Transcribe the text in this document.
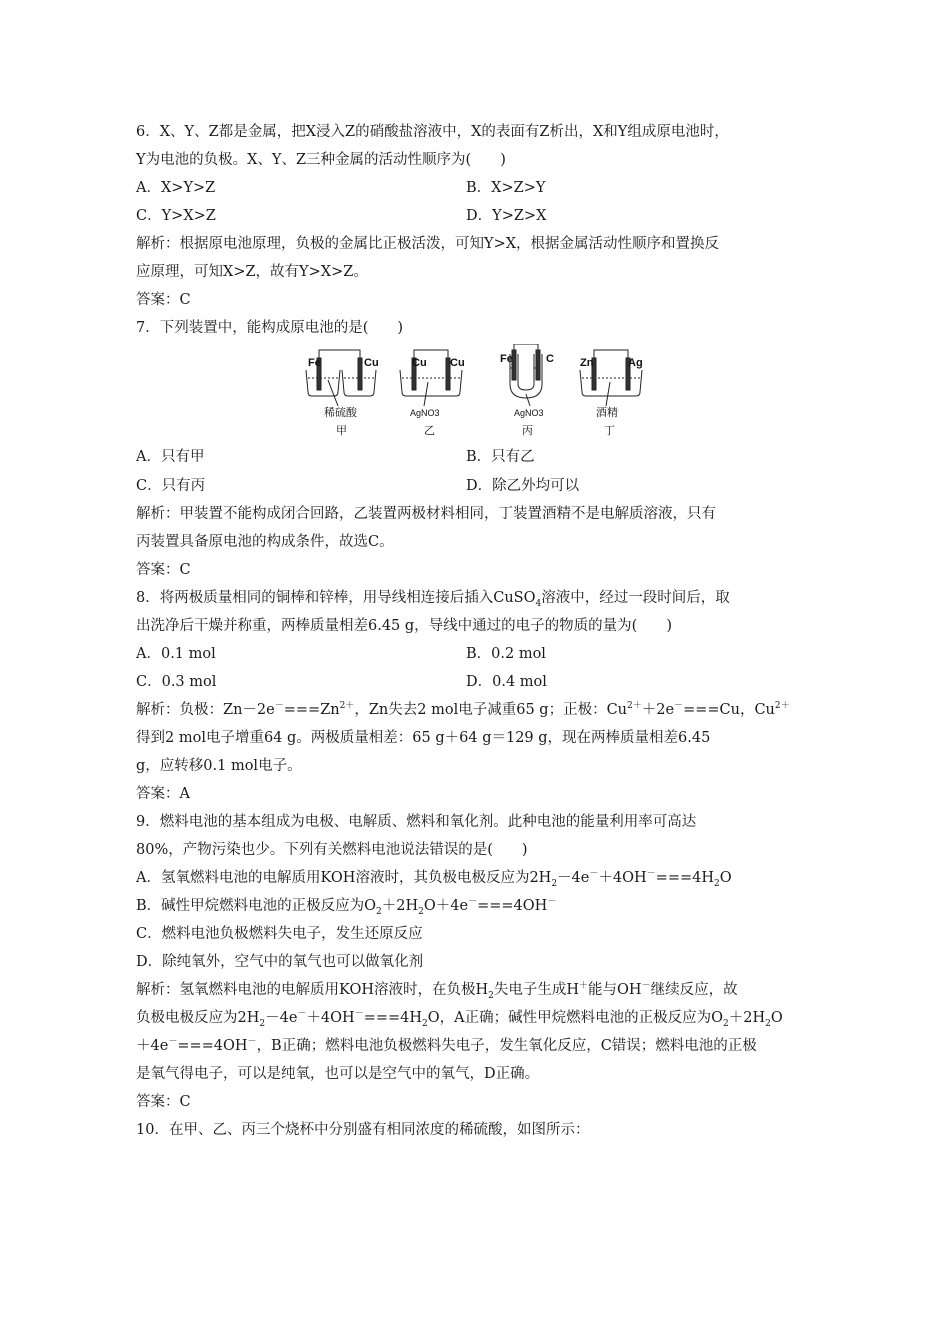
6．X、Y、Z都是金属，把X浸入Z的硝酸盐溶液中，X的表面有Z析出，X和Y组成原电池时，
Y为电池的负极。X、Y、Z三种金属的活动性顺序为(　　)
A．X>Y>Z	B．X>Z>Y
C．Y>X>Z	D．Y>Z>X
解析：根据原电池原理，负极的金属比正极活泼，可知Y>X，根据金属活动性顺序和置换反
应原理，可知X>Z，故有Y>X>Z。
答案：C
7．下列装置中，能构成原电池的是(　　)
Fe	Cu
稀硫酸
甲
Cu Cu
AgNO3
乙
Fe	C
AgNO3
丙
Zn	Ag
酒精
丁
A．只有甲	B．只有乙
C．只有丙	D．除乙外均可以
解析：甲装置不能构成闭合回路，乙装置两极材料相同，丁装置酒精不是电解质溶液，只有
丙装置具备原电池的构成条件，故选C。
答案：C
8．将两极质量相同的铜棒和锌棒，用导线相连接后插入CuSO$_4$溶液中，经过一段时间后，取
出洗净后干燥并称重，两棒质量相差6.45 g，导线中通过的电子的物质的量为(　　)
A．0.1 mol	B．0.2 mol
C．0.3 mol	D．0.4 mol
解析：负极：$Zn-2e^-===Zn^{2+}$，Zn失去2 mol电子减重65 g；正极：$Cu^{2+}+2e^-===Cu$，$Cu^{2+}$
得到2 mol电子增重64 g。两极质量相差：65 g＋64 g＝129 g，现在两棒质量相差6.45
g，应转移0.1 mol电子。
答案：A
9．燃料电池的基本组成为电极、电解质、燃料和氧化剂。此种电池的能量利用率可高达
80%，产物污染也少。下列有关燃料电池说法错误的是(　　)
A．氢氧燃料电池的电解质用KOH溶液时，其负极电极反应为$2H_2-4e^-+4OH^-===4H_2O$
B．碱性甲烷燃料电池的正极反应为$O_2+2H_2O+4e^-===4OH^-$
C．燃料电池负极燃料失电子，发生还原反应
D．除纯氧外，空气中的氧气也可以做氧化剂
解析：氢氧燃料电池的电解质用KOH溶液时，在负极$H_2$失电子生成H＋能与OH－继续反应，故
负极电极反应为$2H_2-4e^-+4OH^-===4H_2O$，A正确；碱性甲烷燃料电池的正极反应为$O_2+2H_2O$
＋4e－===4OH－，B正确；燃料电池负极燃料失电子，发生氧化反应，C错误；燃料电池的正极
是氧气得电子，可以是纯氧，也可以是空气中的氧气，D正确。
答案：C
10．在甲、乙、丙三个烧杯中分别盛有相同浓度的稀硫酸，如图所示：
